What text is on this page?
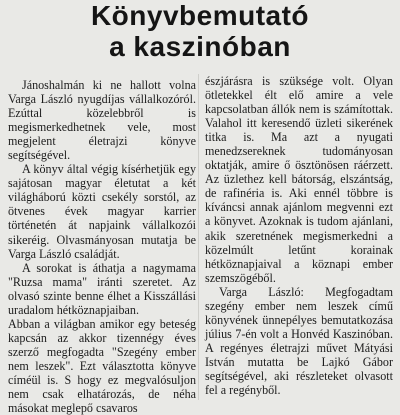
Könyvbemutató
a kaszinóban

Jánoshalmán ki ne hallott volna Varga László nyugdíjas vállalkozóról. Ezúttal közelebbről is megismerkedhetnek vele, most megjelent életrajzi könyve segítségével.

A könyv által végig kísérhetjük egy sajátosan magyar életutat a két világháború közti csekély sorstól, az ötvenes évek magyar karrier történetén át napjaink vállalkozói sikeréig. Olvasmányosan mutatja be Varga László családját.

A sorokat is áthatja a nagymama "Ruzsa mama" iránti szeretet. Az olvasó szinte benne élhet a Kisszállási uradalom hétköznapjaiban.

Abban a világban amikor egy beteség kapcsán az akkor tizennégy éves szerző megfogadta "Szegény ember nem leszek". Ezt választotta könyve címéül is. S hogy ez megvalósuljon nem csak elhatározás, de néha másokat meglepő csavaros

észjárásra is szüksége volt. Olyan ötletekkel élt elő amire a vele kapcsolatban állók nem is számítottak. Valahol itt keresendő üzleti sikerének titka is. Ma azt a nyugati menedzsereknek tudományosan oktatják, amire ő ösztönösen ráérzett. Az üzlethez kell bátorság, elszántság, de rafinéria is. Aki ennél többre is kíváncsi annak ajánlom megvenni ezt a könyvet. Azoknak is tudom ajánlani, akik szeretnének megismerkedni a közelmúlt letűnt korainak hétköznapjaival a köznapi ember szemszögéből.

Varga László: Megfogadtam szegény ember nem leszek című könyvének ünnepélyes bemutatkozása július 7-én volt a Honvéd Kaszinóban. A regényes életrajzi művet Mátyási István mutatta be Lajkó Gábor segítségével, aki részleteket olvasott fel a regényből.
